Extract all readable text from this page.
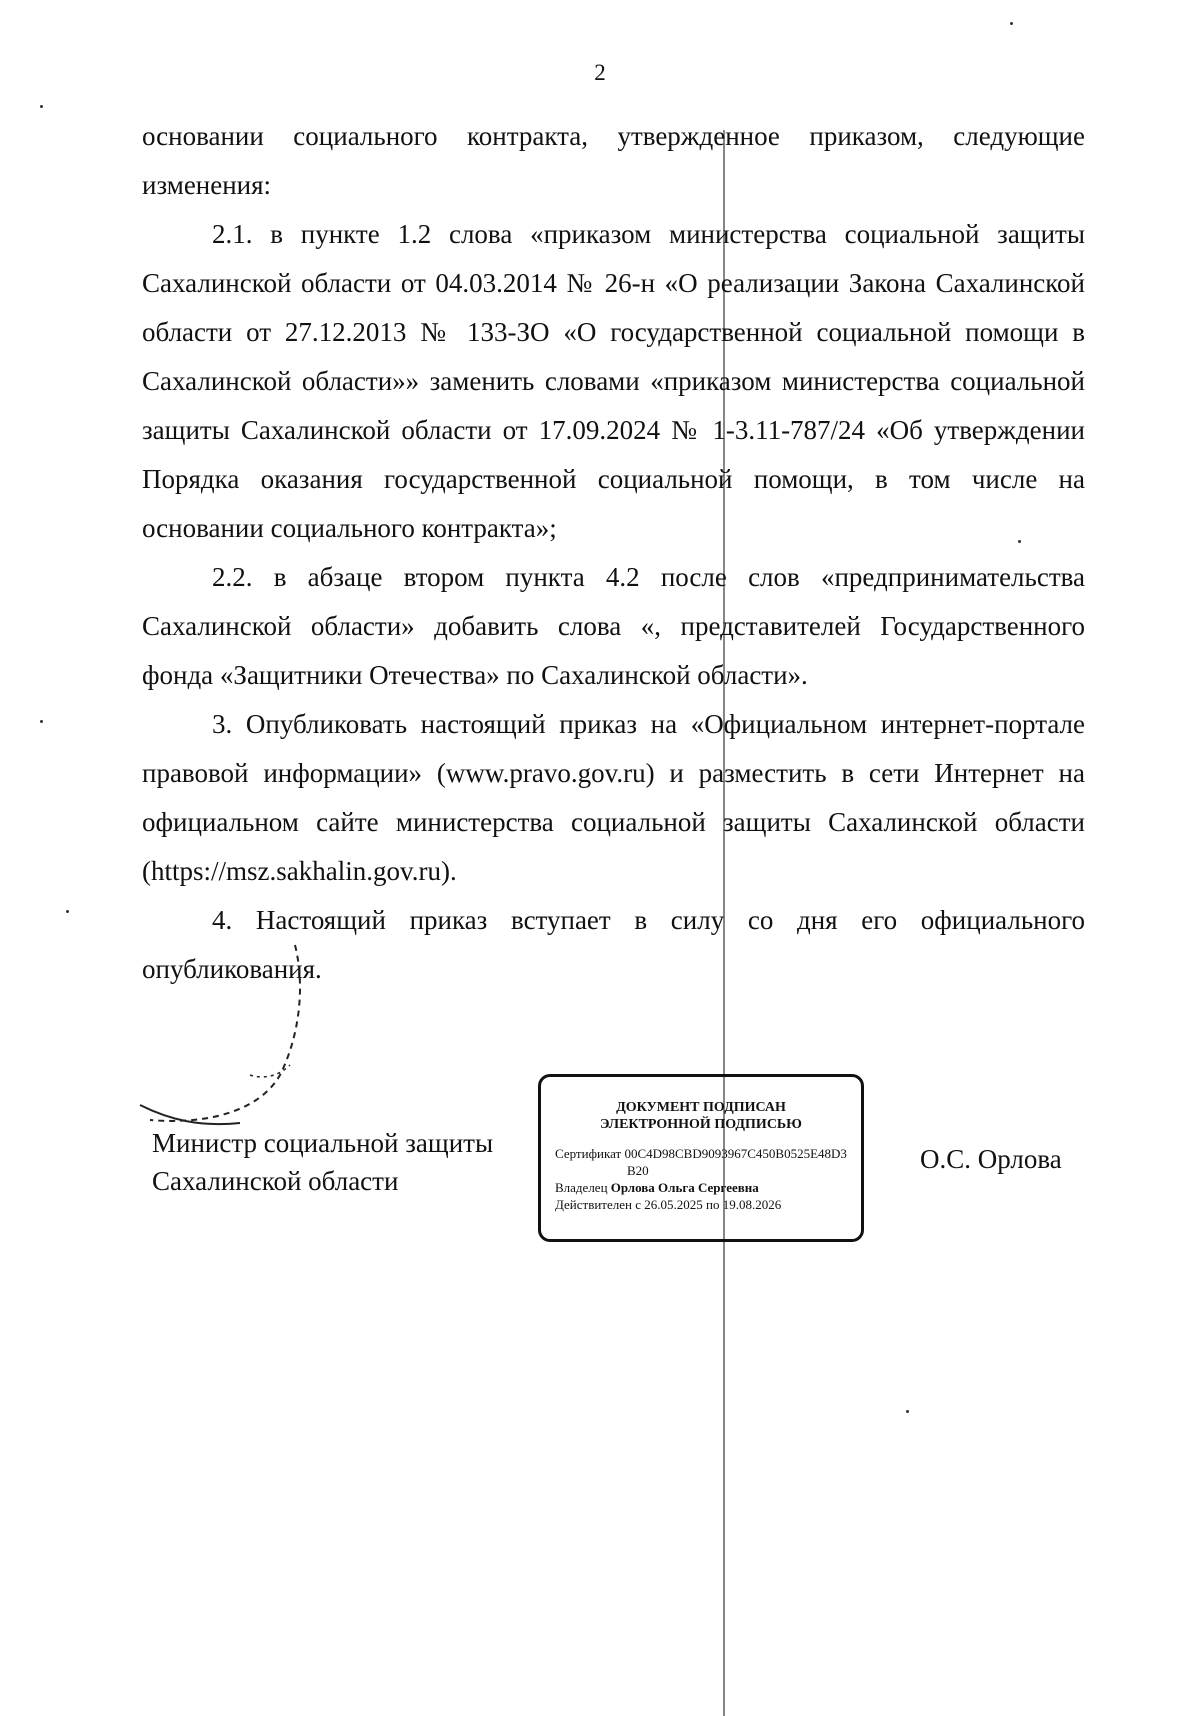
2

основании социального контракта, утвержденное приказом, следующие изменения:

2.1. в пункте 1.2 слова «приказом министерства социальной защиты Сахалинской области от 04.03.2014 № 26-н «О реализации Закона Сахалинской области от 27.12.2013 № 133-ЗО «О государственной социальной помощи в Сахалинской области»» заменить словами «приказом министерства социальной защиты Сахалинской области от 17.09.2024 № 1-3.11-787/24 «Об утверждении Порядка оказания государственной социальной помощи, в том числе на основании социального контракта»;

2.2. в абзаце втором пункта 4.2 после слов «предпринимательства Сахалинской области» добавить слова «, представителей Государственного фонда «Защитники Отечества» по Сахалинской области».

3. Опубликовать настоящий приказ на «Официальном интернет-портале правовой информации» (www.pravo.gov.ru) и разместить в сети Интернет на официальном сайте министерства социальной защиты Сахалинской области (https://msz.sakhalin.gov.ru).

4. Настоящий приказ вступает в силу со дня его официального опубликования.

Министр социальной защиты
Сахалинской области
ДОКУМЕНТ ПОДПИСАН
ЭЛЕКТРОННОЙ ПОДПИСЬЮ
Сертификат 00C4D98CBD9093967C450B0525E48D3
B20
Владелец Орлова Ольга Сергеевна
Действителен с 26.05.2025 по 19.08.2026
О.С. Орлова
